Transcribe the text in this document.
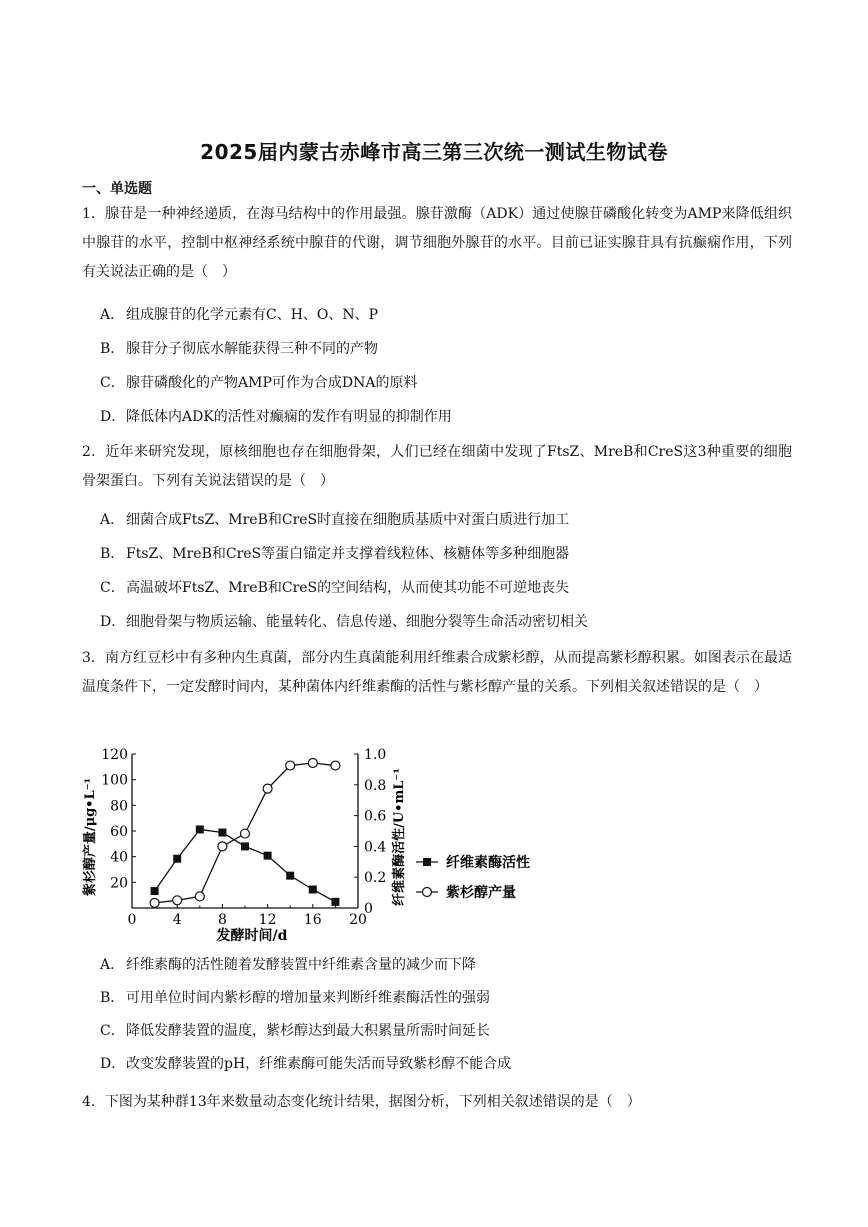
2025届内蒙古赤峰市高三第三次统一测试生物试卷
一、单选题
1．腺苷是一种神经递质，在海马结构中的作用最强。腺苷激酶（ADK）通过使腺苷磷酸化转变为AMP来降低组织中腺苷的水平，控制中枢神经系统中腺苷的代谢，调节细胞外腺苷的水平。目前已证实腺苷具有抗癫痫作用，下列有关说法正确的是（　）
A． 组成腺苷的化学元素有C、H、O、N、P
B． 腺苷分子彻底水解能获得三种不同的产物
C．腺苷磷酸化的产物AMP可作为合成DNA的原料
D．降低体内ADK的活性对癫痫的发作有明显的抑制作用
2．近年来研究发现，原核细胞也存在细胞骨架，人们已经在细菌中发现了FtsZ、MreB和CreS这3种重要的细胞骨架蛋白。下列有关说法错误的是（　）
A． 细菌合成FtsZ、MreB和CreS时直接在细胞质基质中对蛋白质进行加工
B． FtsZ、MreB和CreS等蛋白锚定并支撑着线粒体、核糖体等多种细胞器
C．高温破坏FtsZ、MreB和CreS的空间结构，从而使其功能不可逆地丧失
D．细胞骨架与物质运输、能量转化、信息传递、细胞分裂等生命活动密切相关
3．南方红豆杉中有多种内生真菌，部分内生真菌能利用纤维素合成紫杉醇，从而提高紫杉醇积累。如图表示在最适温度条件下，一定发酵时间内，某种菌体内纤维素酶的活性与紫杉醇产量的关系。下列相关叙述错误的是（　）
0	4	8 12 16 20
20
40
60
80
100
120
0
0.2
0.4
0.6
0.8
1.0
纤维素酶活性
紫杉醇产量
发酵时间/d
紫杉醇产量/μg•L⁻¹	纤维素酶活性/U•mL⁻¹
A． 纤维素酶的活性随着发酵装置中纤维素含量的减少而下降
B． 可用单位时间内紫杉醇的增加量来判断纤维素酶活性的强弱
C．降低发酵装置的温度，紫杉醇达到最大积累量所需时间延长
D．改变发酵装置的pH，纤维素酶可能失活而导致紫杉醇不能合成
4．下图为某种群13年来数量动态变化统计结果，据图分析，下列相关叙述错误的是（　）
